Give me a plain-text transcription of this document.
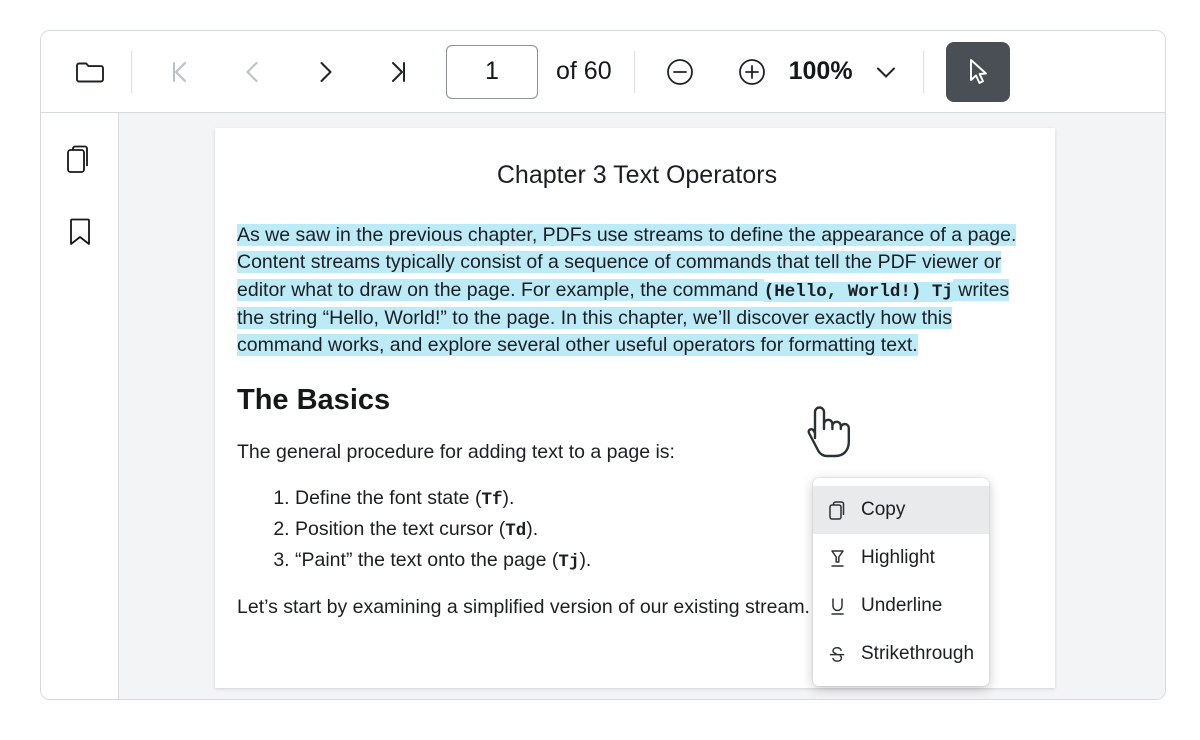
1
of 60	100%
Chapter 3 Text Operators

As we saw in the previous chapter, PDFs use streams to define the appearance of a page. Content streams typically consist of a sequence of commands that tell the PDF viewer or editor what to draw on the page. For example, the command (Hello, World!) Tj writes the string “Hello, World!” to the page. In this chapter, we’ll discover exactly how this command works, and explore several other useful operators for formatting text.

The Basics

The general procedure for adding text to a page is:

1. Define the font state (Tf).
2. Position the text cursor (Td).
3. “Paint” the text onto the page (Tj).

Let’s start by examining a simplified version of our existing stream.

Copy
Highlight
Underline
Strikethrough
